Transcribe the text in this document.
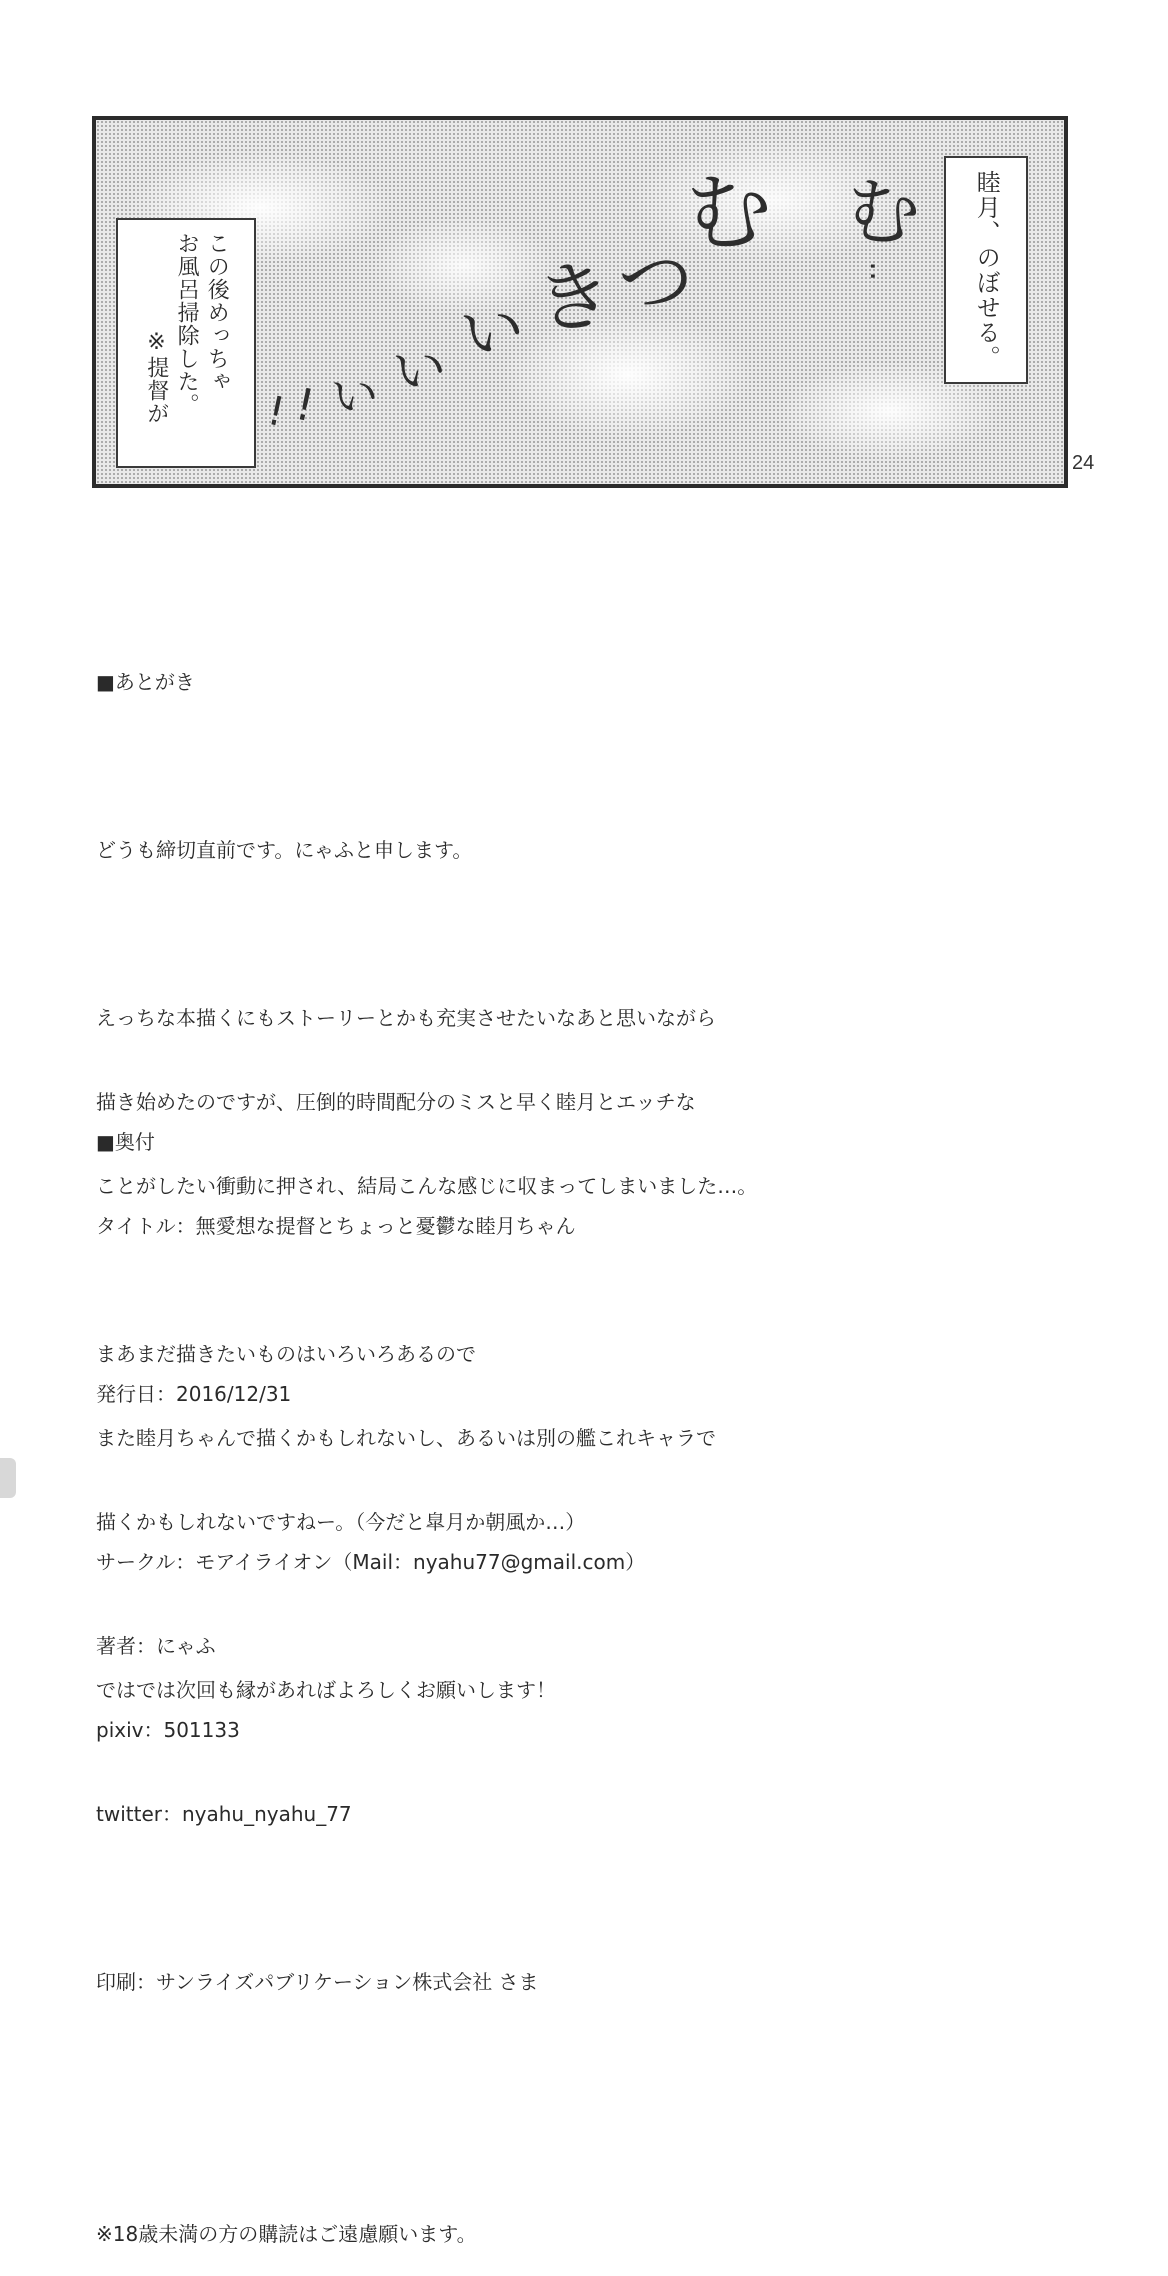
この後めっちゃ
お風呂掃除した。
※提督が ! ! い い い き
つ
む む
‥	睦月、のぼせる。
24

■ あとがき

どうも締切直前です。にゃふと申します。

えっちな本描くにもストーリーとかも充実させたいなあと思いながら

描き始めたのですが、圧倒的時間配分のミスと早く睦月とエッチな

ことがしたい衝動に押され、結局こんな感じに収まってしまいました…。

まあまだ描きたいものはいろいろあるので

また睦月ちゃんで描くかもしれないし、あるいは別の艦これキャラで

描くかもしれないですねー。（今だと皐月か朝風か…）

ではでは次回も縁があればよろしくお願いします！

■ 奥付

タイトル：無愛想な提督とちょっと憂鬱な睦月ちゃん

発行日：2016/12/31

サークル：モアイライオン（Mail：nyahu77@gmail.com）

著者：にゃふ

pixiv：501133

twitter：nyahu_nyahu_77

印刷：サンライズパブリケーション株式会社 さま

※18歳未満の方の購読はご遠慮願います。
